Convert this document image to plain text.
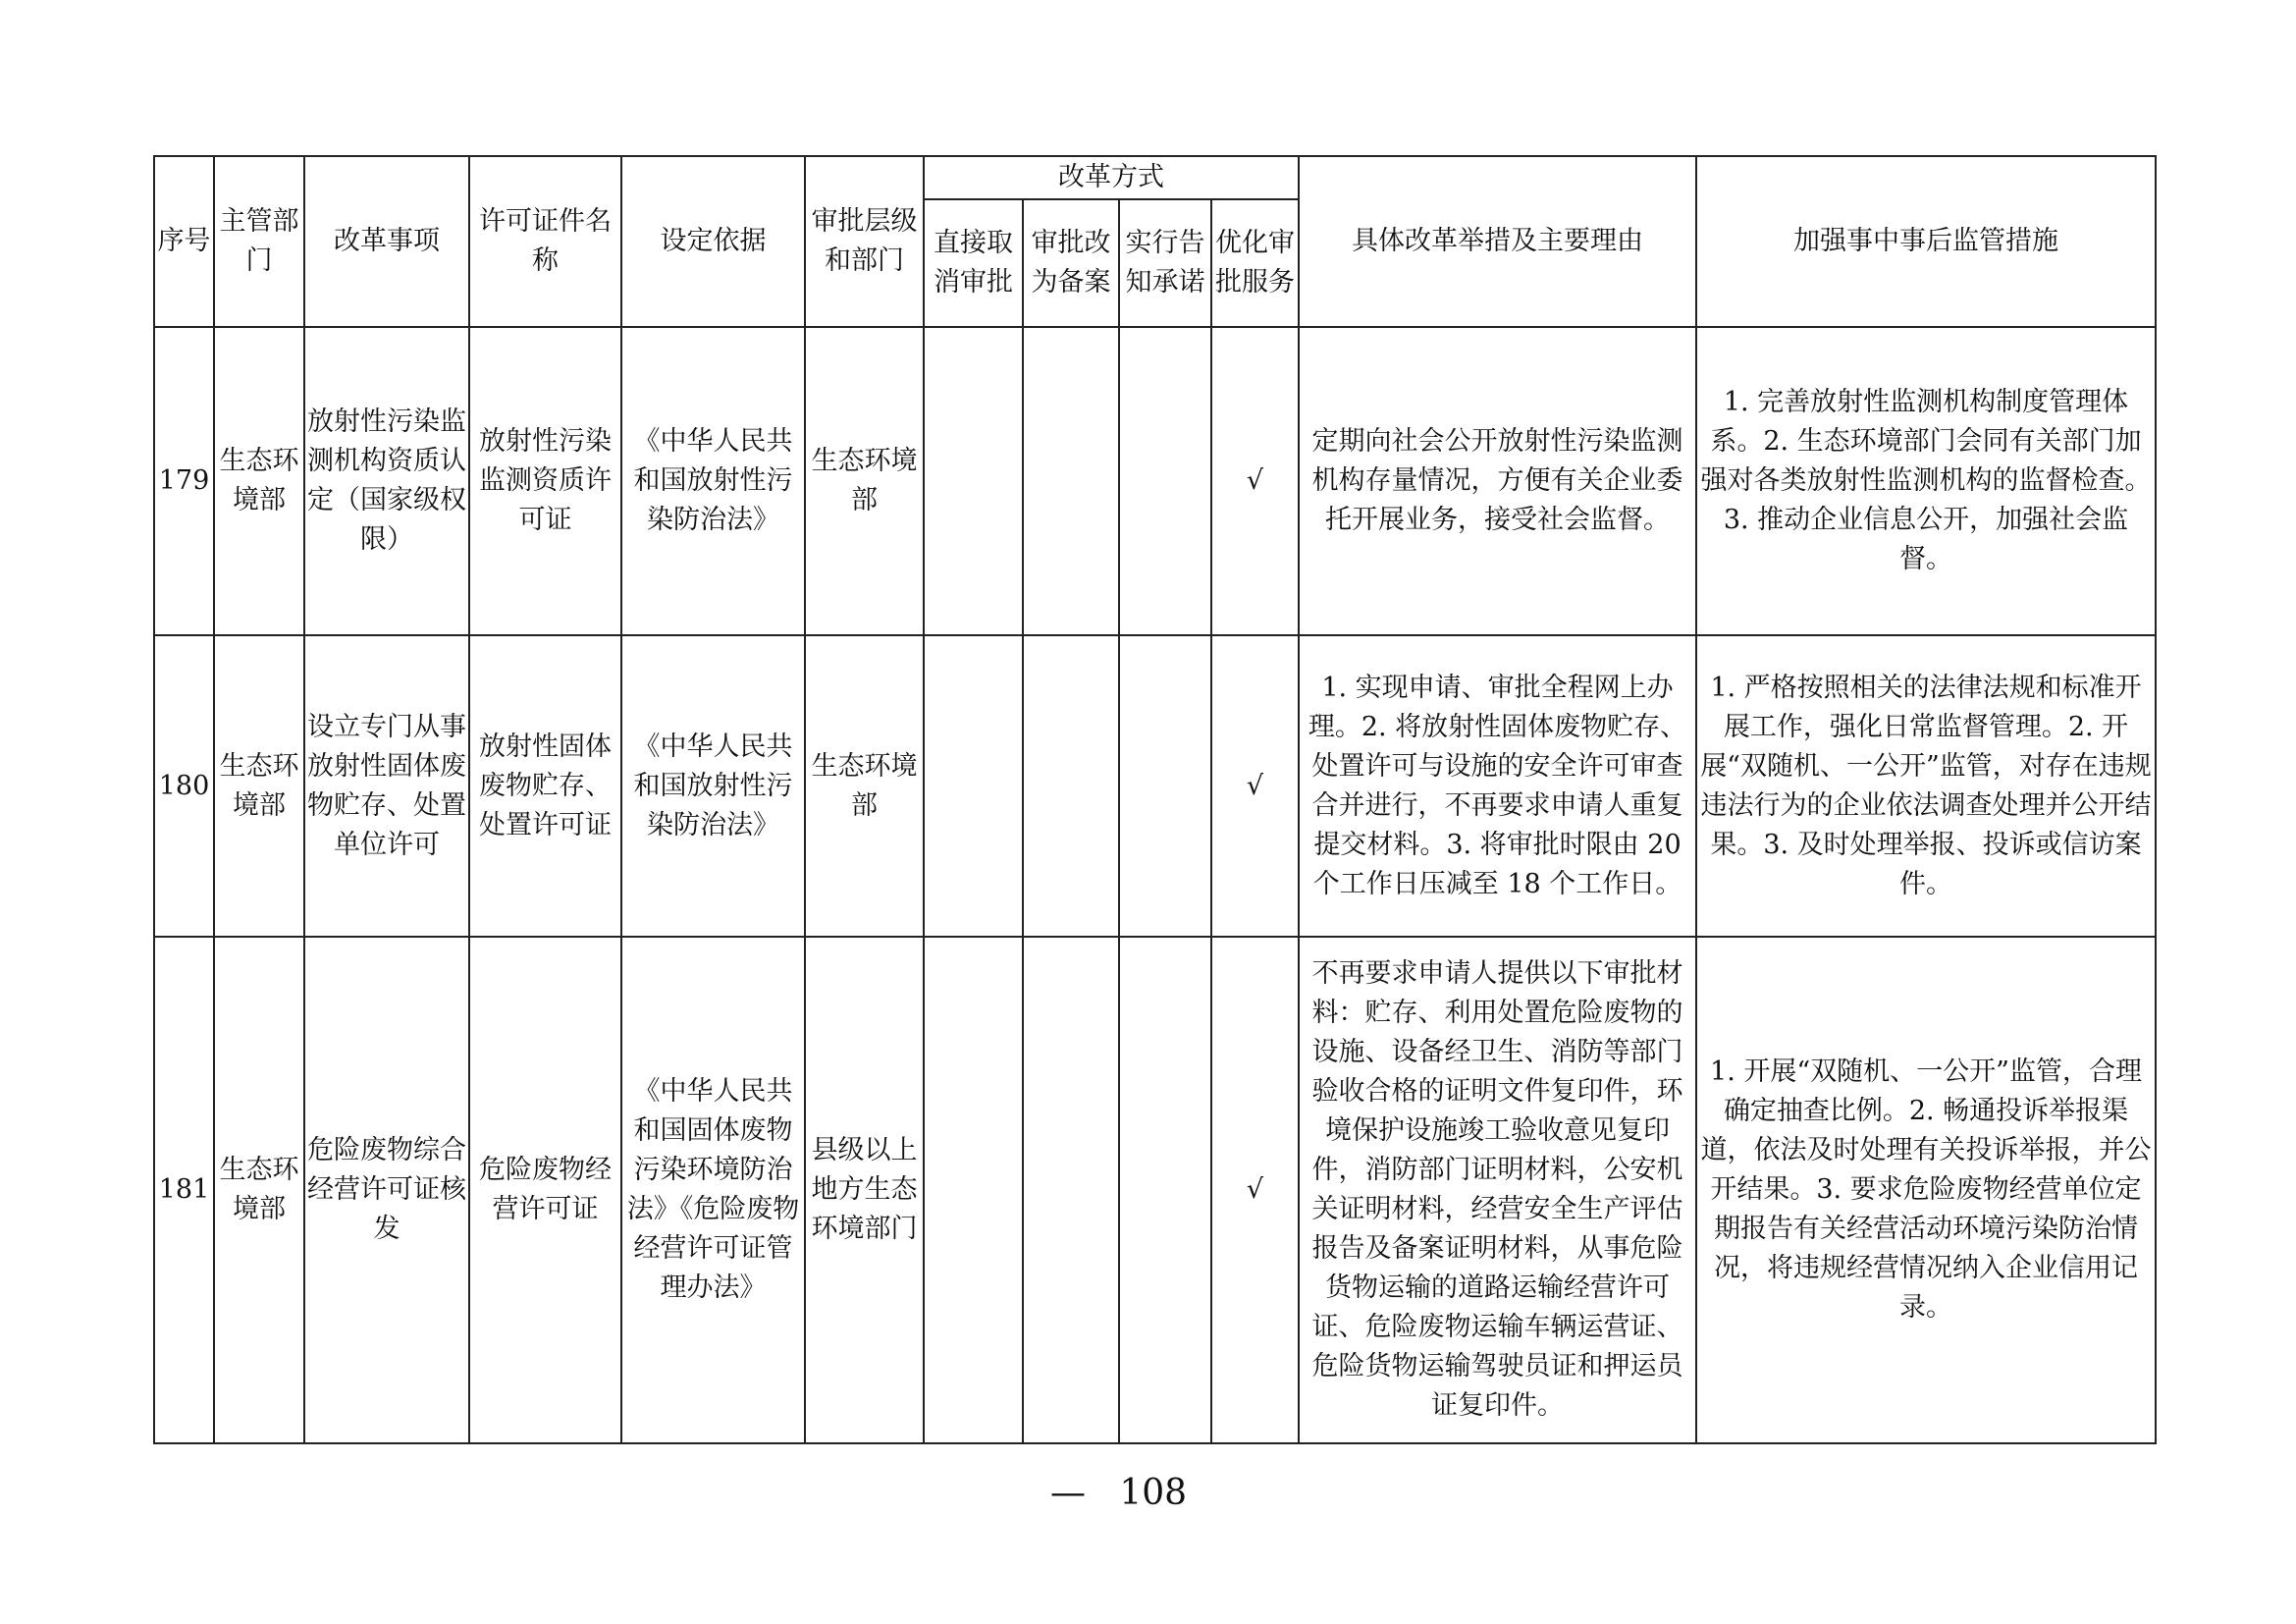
序号	主管部门	改革事项	许可证件名称	设定依据	审批层级和部门	改革方式				具体改革举措及主要理由	加强事中事后监管措施
						直接取消审批	审批改为备案	实行告知承诺	优化审批服务		
179	生态环境部	放射性污染监测机构资质认定（国家级权限）	放射性污染监测资质许可证	《中华人民共和国放射性污染防治法》	生态环境部				√	定期向社会公开放射性污染监测机构存量情况，方便有关企业委托开展业务，接受社会监督。	1. 完善放射性监测机构制度管理体系。2. 生态环境部门会同有关部门加强对各类放射性监测机构的监督检查。3. 推动企业信息公开，加强社会监督。
180	生态环境部	设立专门从事放射性固体废物贮存、处置单位许可	放射性固体废物贮存、处置许可证	《中华人民共和国放射性污染防治法》	生态环境部				√	1. 实现申请、审批全程网上办理。2. 将放射性固体废物贮存、处置许可与设施的安全许可审查合并进行，不再要求申请人重复提交材料。3. 将审批时限由 20 个工作日压减至 18 个工作日。	1. 严格按照相关的法律法规和标准开展工作，强化日常监督管理。2. 开展“双随机、一公开”监管，对存在违规违法行为的企业依法调查处理并公开结果。3. 及时处理举报、投诉或信访案件。
181	生态环境部	危险废物综合经营许可证核发	危险废物经营许可证	《中华人民共和国固体废物污染环境防治法》《危险废物经营许可证管理办法》	县级以上地方生态环境部门				√	不再要求申请人提供以下审批材料：贮存、利用处置危险废物的设施、设备经卫生、消防等部门验收合格的证明文件复印件，环境保护设施竣工验收意见复印件，消防部门证明材料，公安机关证明材料，经营安全生产评估报告及备案证明材料，从事危险货物运输的道路运输经营许可证、危险废物运输车辆运营证、危险货物运输驾驶员证和押运员证复印件。	1. 开展“双随机、一公开”监管，合理确定抽查比例。2. 畅通投诉举报渠道，依法及时处理有关投诉举报，并公开结果。3. 要求危险废物经营单位定期报告有关经营活动环境污染防治情况，将违规经营情况纳入企业信用记录。
— 108
